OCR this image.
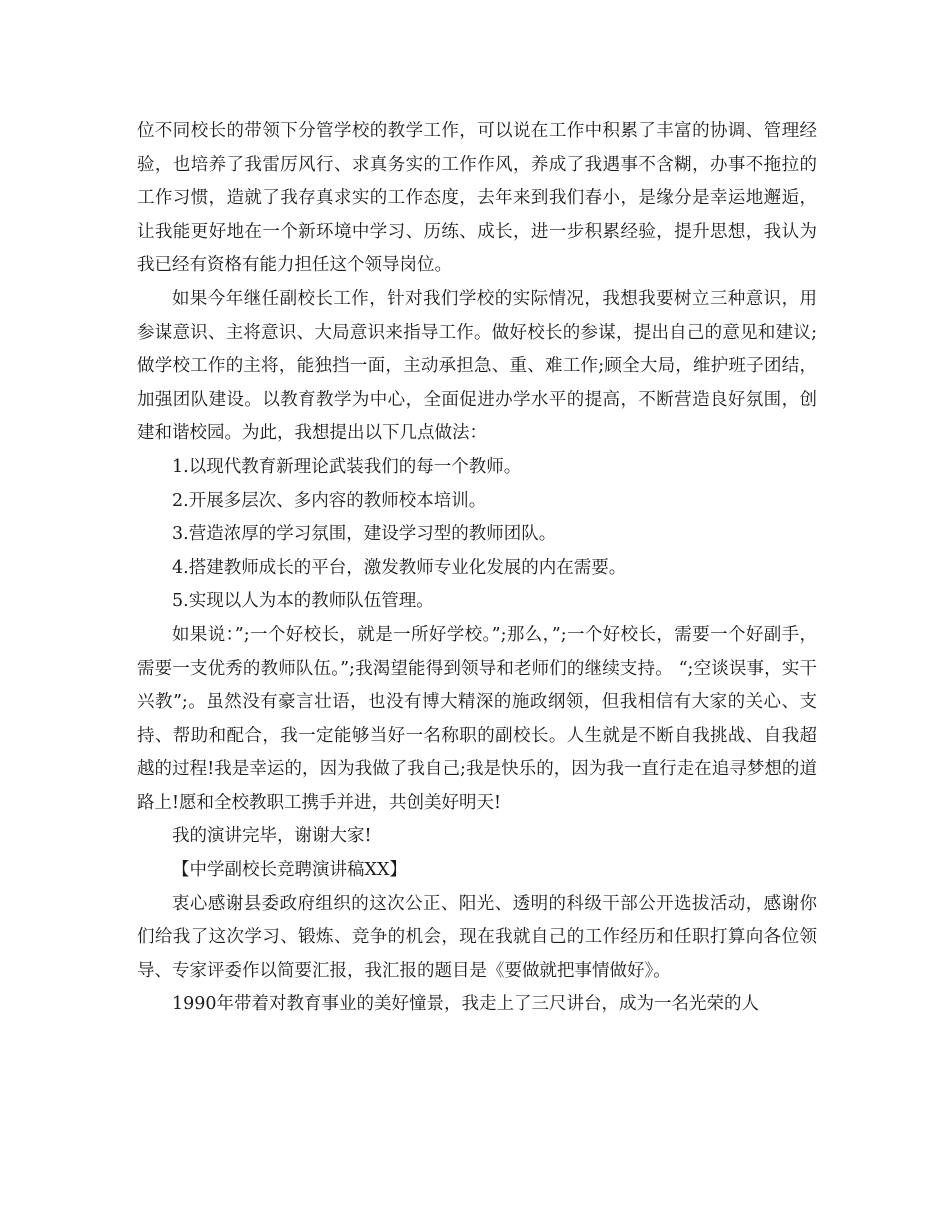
位不同校长的带领下分管学校的教学工作，可以说在工作中积累了丰富的协调、管理经验，也培养了我雷厉风行、求真务实的工作作风，养成了我遇事不含糊，办事不拖拉的工作习惯，造就了我存真求实的工作态度，去年来到我们春小，是缘分是幸运地邂逅，让我能更好地在一个新环境中学习、历练、成长，进一步积累经验，提升思想，我认为我已经有资格有能力担任这个领导岗位。

如果今年继任副校长工作，针对我们学校的实际情况，我想我要树立三种意识，用参谋意识、主将意识、大局意识来指导工作。做好校长的参谋，提出自己的意见和建议;做学校工作的主将，能独挡一面，主动承担急、重、难工作;顾全大局，维护班子团结，加强团队建设。以教育教学为中心，全面促进办学水平的提高，不断营造良好氛围，创建和谐校园。为此，我想提出以下几点做法：

1.以现代教育新理论武装我们的每一个教师。

2.开展多层次、多内容的教师校本培训。

3.营造浓厚的学习氛围，建设学习型的教师团队。

4.搭建教师成长的平台，激发教师专业化发展的内在需要。

5.实现以人为本的教师队伍管理。

如果说：”;一个好校长，就是一所好学校。”;那么，”;一个好校长，需要一个好副手，需要一支优秀的教师队伍。”;我渴望能得到领导和老师们的继续支持。 “;空谈误事，实干兴教”;。虽然没有豪言壮语，也没有博大精深的施政纲领，但我相信有大家的关心、支持、帮助和配合，我一定能够当好一名称职的副校长。人生就是不断自我挑战、自我超越的过程!我是幸运的，因为我做了我自己;我是快乐的，因为我一直行走在追寻梦想的道路上!愿和全校教职工携手并进，共创美好明天!

我的演讲完毕，谢谢大家!

【中学副校长竞聘演讲稿XX】

衷心感谢县委政府组织的这次公正、阳光、透明的科级干部公开选拔活动，感谢你们给我了这次学习、锻炼、竞争的机会，现在我就自己的工作经历和任职打算向各位领导、专家评委作以简要汇报，我汇报的题目是《要做就把事情做好》。

1990年带着对教育事业的美好憧景，我走上了三尺讲台，成为一名光荣的人
